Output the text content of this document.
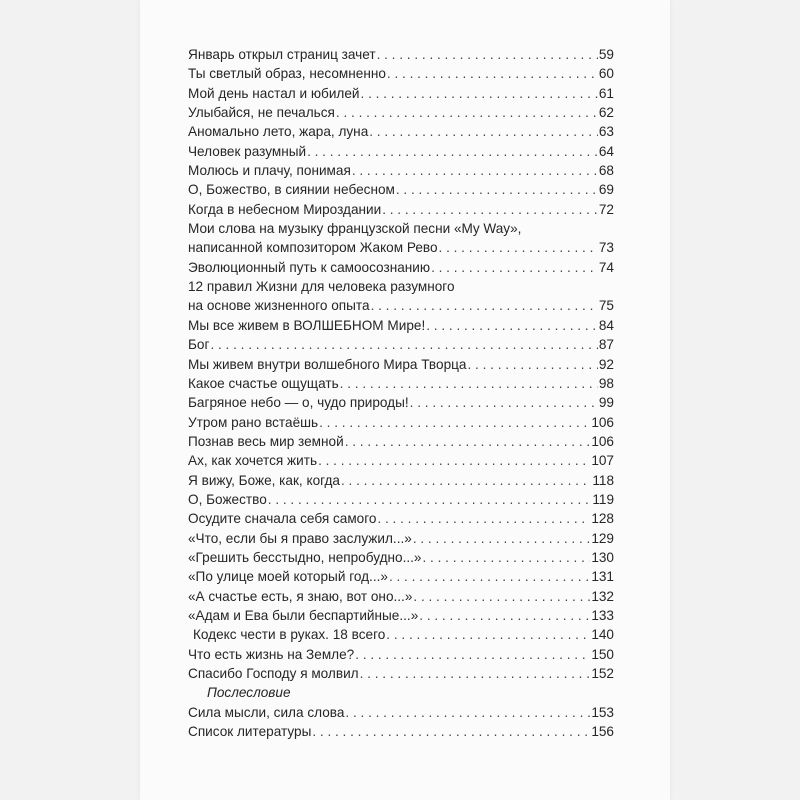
Январь открыл страниц зачет . . .	59
Ты светлый образ, несомненно . . .	60
Мой день настал и юбилей . . .	61
Улыбайся, не печалься . . .	62
Аномально лето, жара, луна . . .	63
Человек разумный . . .	64
Молюсь и плачу, понимая . . .	68
О, Божество, в сиянии небесном . . .	69
Когда в небесном Мироздании . . .	72
Мои слова на музыку французской песни «My Way»,
написанной композитором Жаком Рево . . .	73
Эволюционный путь к самоосознанию . . .	74
12 правил Жизни для человека разумного
на основе жизненного опыта . . .	75
Мы все живем в ВОЛШЕБНОМ Мире! . . .	84
Бог . . .	87
Мы живем внутри волшебного Мира Творца . . .	92
Какое счастье ощущать . . .	98
Багряное небо — о, чудо природы! . . .	99
Утром рано встаёшь . . .	106
Познав весь мир земной . . .	106
Ах, как хочется жить . . .	107
Я вижу, Боже, как, когда . . .	118
О, Божество . . .	119
Осудите сначала себя самого . . .	128
«Что, если бы я право заслужил...» . . .	129
«Грешить бесстыдно, непробудно...» . . .	130
«По улице моей который год...» . . .	131
«А счастье есть, я знаю, вот оно...» . . .	132
«Адам и Ева были беспартийные...» . . .	133
Кодекс чести в руках. 18 всего . . .	140
Что есть жизнь на Земле? . . .	150
Спасибо Господу я молвил . . .	152
Послесловие
Сила мысли, сила слова . . .	153
Список литературы . . .	156
